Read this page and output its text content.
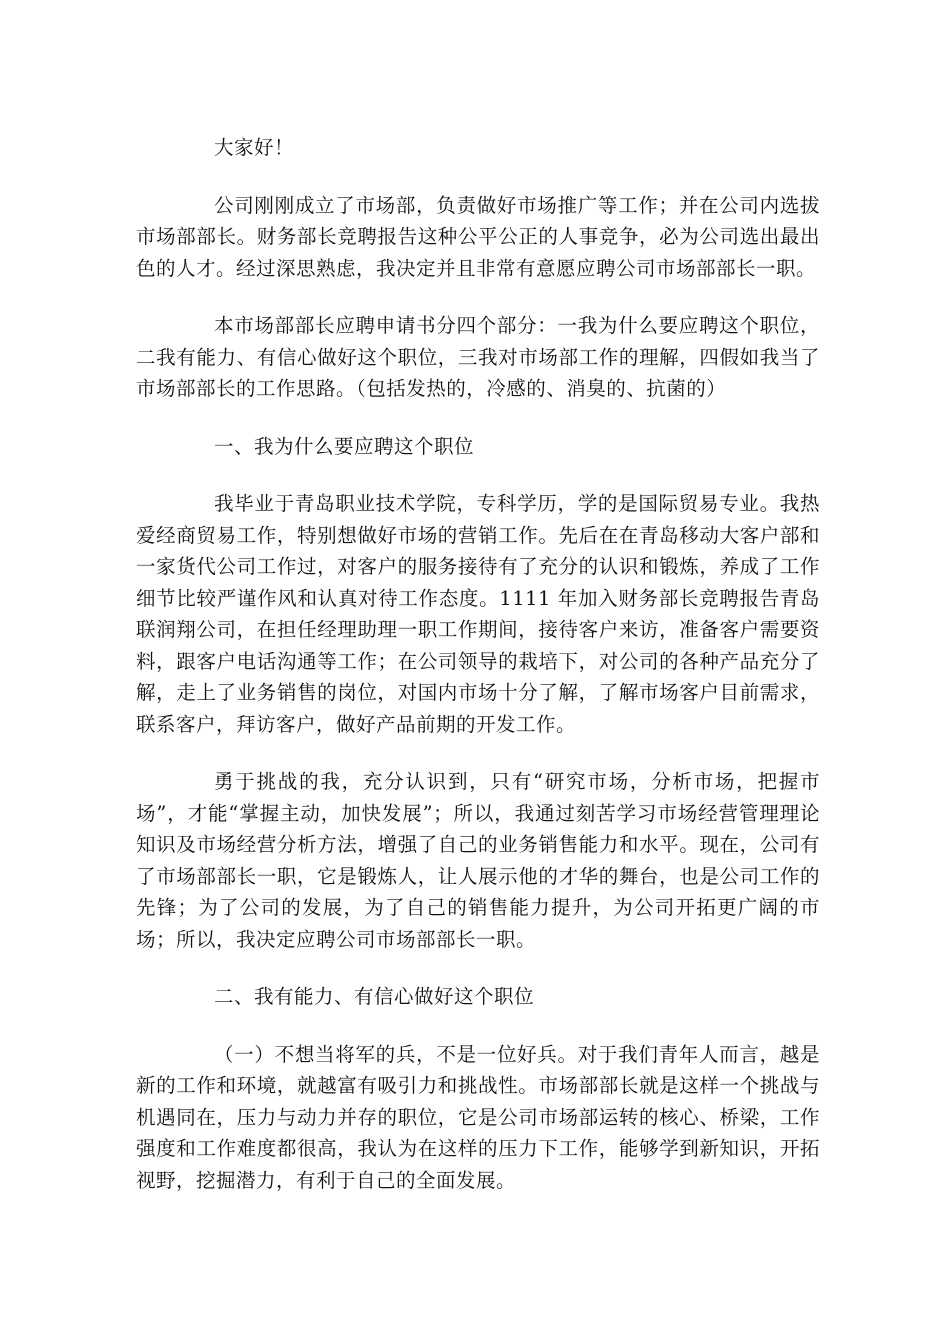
大家好！

公司刚刚成立了市场部，负责做好市场推广等工作；并在公司内选拔市场部部长。财务部长竞聘报告这种公平公正的人事竞争，必为公司选出最出色的人才。经过深思熟虑，我决定并且非常有意愿应聘公司市场部部长一职。

本市场部部长应聘申请书分四个部分：一我为什么要应聘这个职位，二我有能力、有信心做好这个职位，三我对市场部工作的理解，四假如我当了市场部部长的工作思路。（包括发热的，冷感的、消臭的、抗菌的）

一、我为什么要应聘这个职位

我毕业于青岛职业技术学院，专科学历，学的是国际贸易专业。我热爱经商贸易工作，特别想做好市场的营销工作。先后在在青岛移动大客户部和一家货代公司工作过，对客户的服务接待有了充分的认识和锻炼，养成了工作细节比较严谨作风和认真对待工作态度。1111 年加入财务部长竞聘报告青岛联润翔公司，在担任经理助理一职工作期间，接待客户来访，准备客户需要资料，跟客户电话沟通等工作；在公司领导的栽培下，对公司的各种产品充分了解，走上了业务销售的岗位，对国内市场十分了解，了解市场客户目前需求，联系客户，拜访客户，做好产品前期的开发工作。

勇于挑战的我，充分认识到，只有“研究市场，分析市场，把握市场”，才能“掌握主动，加快发展”；所以，我通过刻苦学习市场经营管理理论知识及市场经营分析方法，增强了自己的业务销售能力和水平。现在，公司有了市场部部长一职，它是锻炼人，让人展示他的才华的舞台，也是公司工作的先锋；为了公司的发展，为了自己的销售能力提升，为公司开拓更广阔的市场；所以，我决定应聘公司市场部部长一职。

二、我有能力、有信心做好这个职位

（一）不想当将军的兵，不是一位好兵。对于我们青年人而言，越是新的工作和环境，就越富有吸引力和挑战性。市场部部长就是这样一个挑战与机遇同在，压力与动力并存的职位，它是公司市场部运转的核心、桥梁，工作强度和工作难度都很高，我认为在这样的压力下工作，能够学到新知识，开拓视野，挖掘潜力，有利于自己的全面发展。
